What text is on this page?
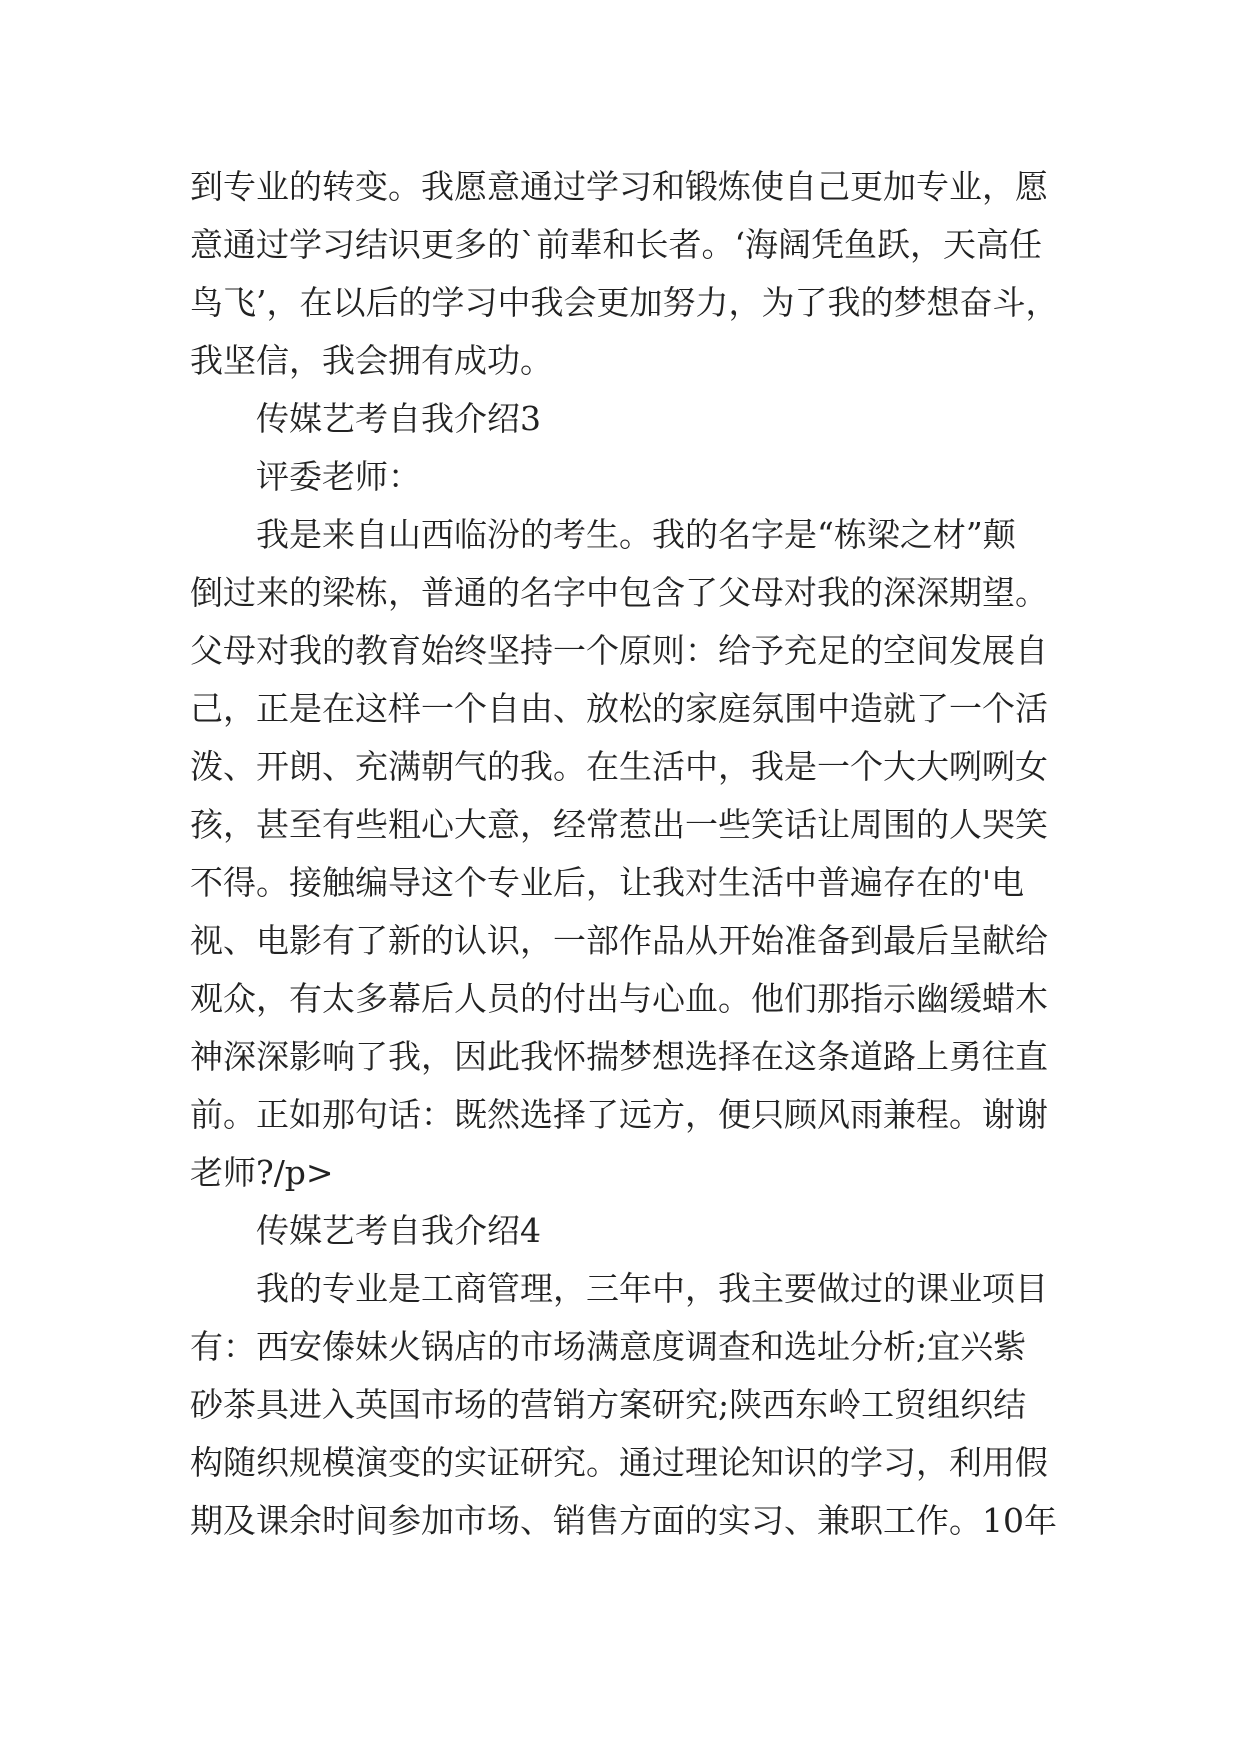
到专业的转变。我愿意通过学习和锻炼使自己更加专业，愿
意通过学习结识更多的`前辈和长者。‘海阔凭鱼跃，天高任
鸟飞’，在以后的学习中我会更加努力，为了我的梦想奋斗，
我坚信，我会拥有成功。
传媒艺考自我介绍3
评委老师：
我是来自山西临汾的考生。我的名字是“栋梁之材”颠
倒过来的梁栋，普通的名字中包含了父母对我的深深期望。
父母对我的教育始终坚持一个原则：给予充足的空间发展自
己，正是在这样一个自由、放松的家庭氛围中造就了一个活
泼、开朗、充满朝气的我。在生活中，我是一个大大咧咧女
孩，甚至有些粗心大意，经常惹出一些笑话让周围的人哭笑
不得。接触编导这个专业后，让我对生活中普遍存在的'电
视、电影有了新的认识，一部作品从开始准备到最后呈献给
观众，有太多幕后人员的付出与心血。他们那指示幽缓蜡木
神深深影响了我，因此我怀揣梦想选择在这条道路上勇往直
前。正如那句话：既然选择了远方，便只顾风雨兼程。谢谢
老师?/p>
传媒艺考自我介绍4
我的专业是工商管理，三年中，我主要做过的课业项目
有：西安傣妹火锅店的市场满意度调查和选址分析;宜兴紫
砂茶具进入英国市场的营销方案研究;陕西东岭工贸组织结
构随织规模演变的实证研究。通过理论知识的学习，利用假
期及课余时间参加市场、销售方面的实习、兼职工作。10年
